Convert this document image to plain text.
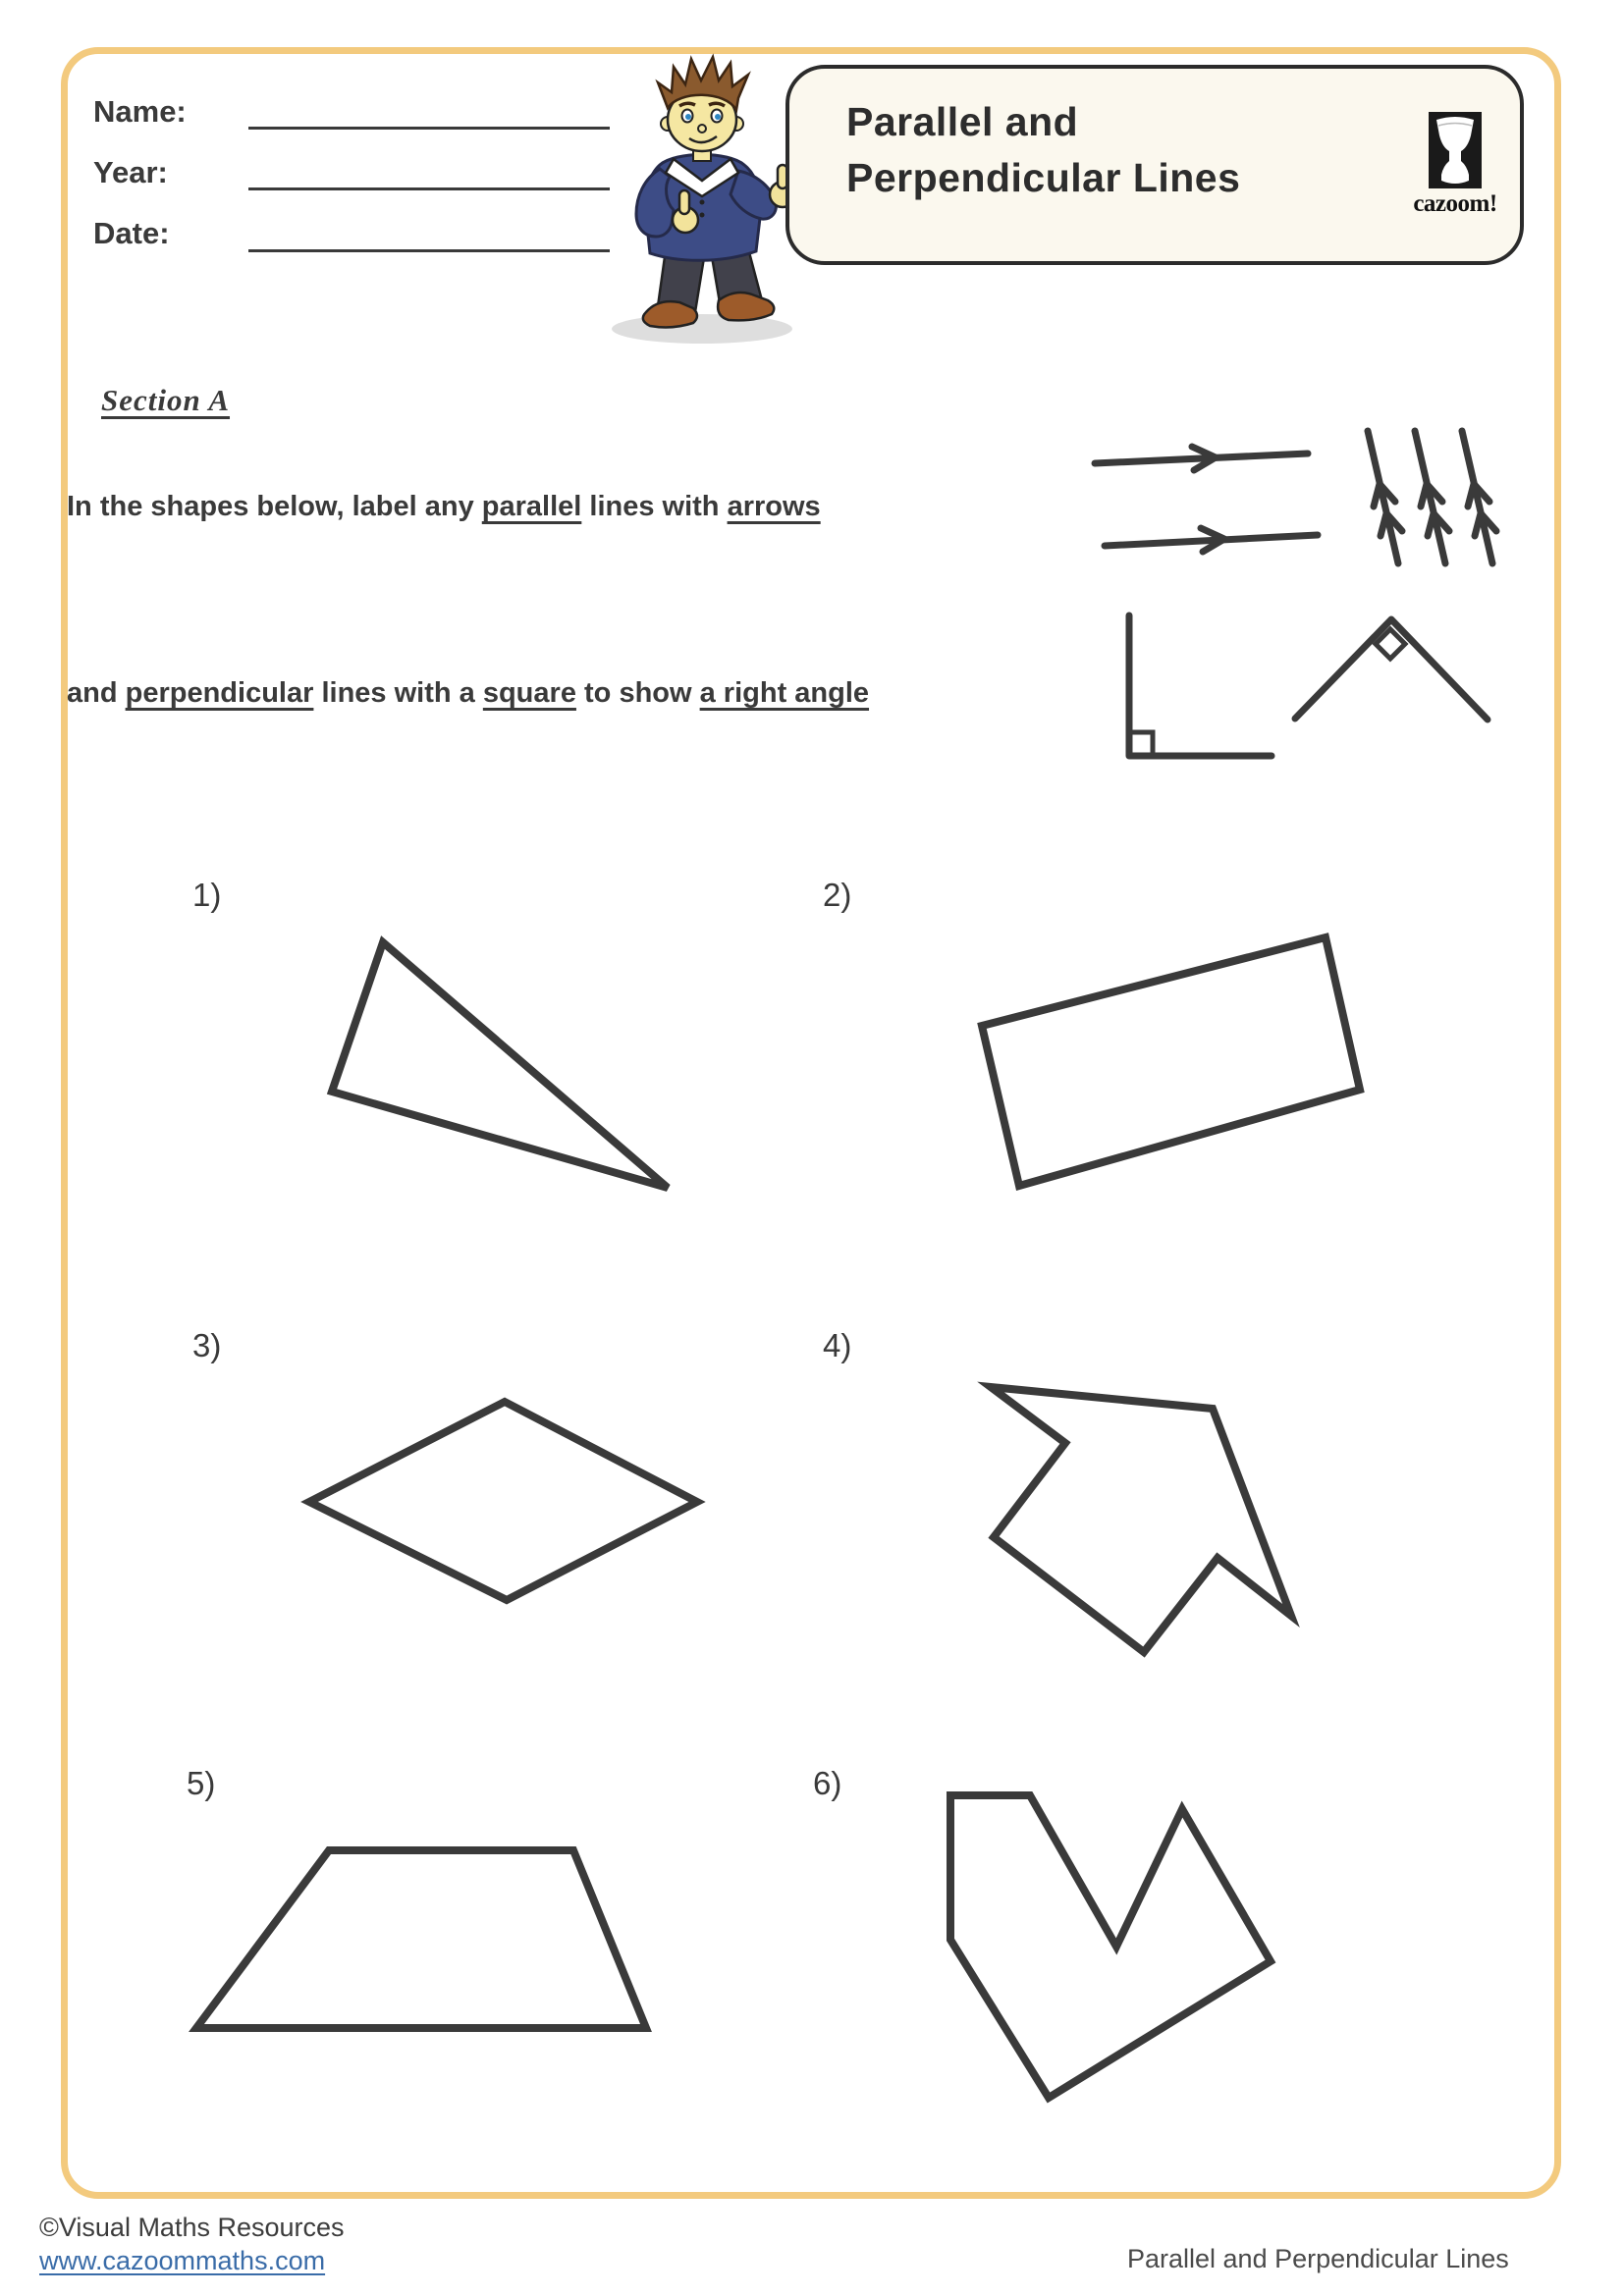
Name:
Year:
Date:
Parallel and
Perpendicular Lines
cazoom!
Section A
In the shapes below, label any parallel lines with arrows
and perpendicular lines with a square to show a right angle
1)	2)
3)	4)
5)	6)
©Visual Maths Resources
www.cazoommaths.com	Parallel and Perpendicular Lines
